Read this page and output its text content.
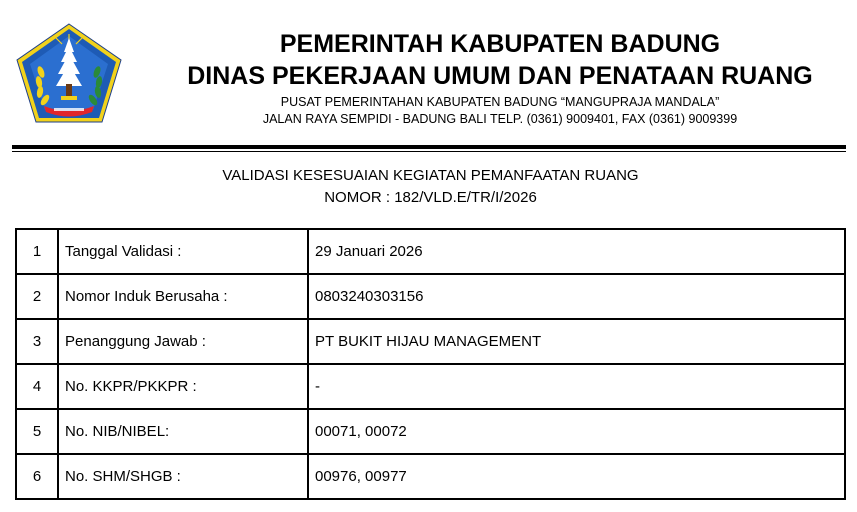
PEMERINTAH KABUPATEN BADUNG
DINAS PEKERJAAN UMUM DAN PENATAAN RUANG
PUSAT PEMERINTAHAN KABUPATEN BADUNG “MANGUPRAJA MANDALA”
JALAN RAYA SEMPIDI - BADUNG BALI TELP. (0361) 9009401, FAX (0361) 9009399
VALIDASI KESESUAIAN KEGIATAN PEMANFAATAN RUANG
NOMOR : 182/VLD.E/TR/I/2026
1	Tanggal Validasi :	29 Januari 2026
2	Nomor Induk Berusaha :	0803240303156
3	Penanggung Jawab :	PT BUKIT HIJAU MANAGEMENT
4	No. KKPR/PKKPR :	-
5	No. NIB/NIBEL:	00071, 00072
6	No. SHM/SHGB :	00976, 00977
